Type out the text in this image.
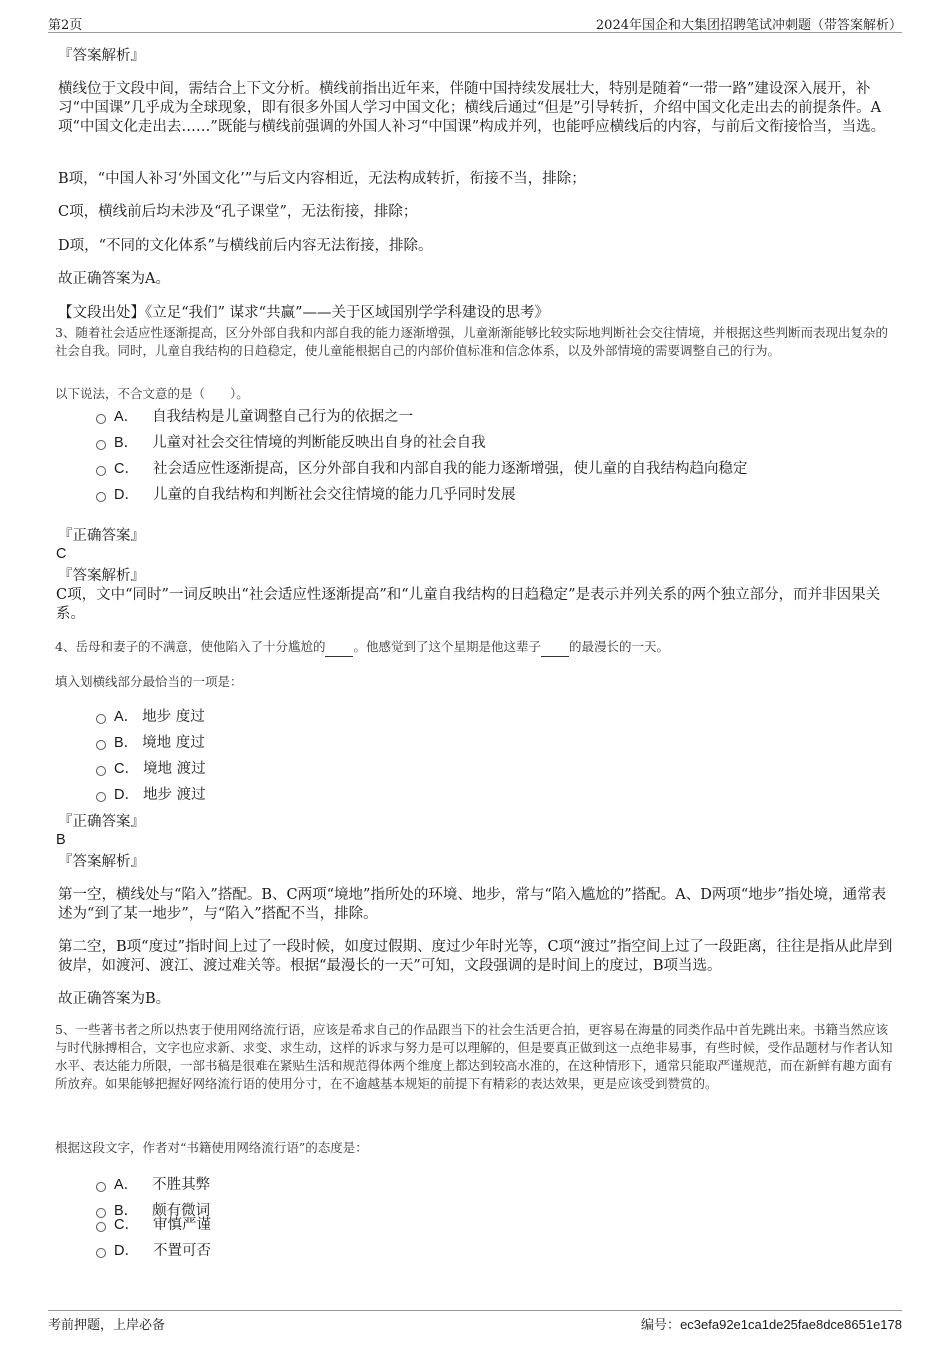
第2页	2024年国企和大集团招聘笔试冲刺题（带答案解析）
『答案解析』

横线位于文段中间，需结合上下文分析。横线前指出近年来，伴随中国持续发展壮大，特别是随着“一带一路”建设深入展开，补习“中国课”几乎成为全球现象，即有很多外国人学习中国文化；横线后通过“但是”引导转折，介绍中国文化走出去的前提条件。A项“中国文化走出去……”既能与横线前强调的外国人补习“中国课”构成并列，也能呼应横线后的内容，与前后文衔接恰当，当选。

B项，“中国人补习‘外国文化’”与后文内容相近，无法构成转折，衔接不当，排除；

C项，横线前后均未涉及“孔子课堂”，无法衔接，排除；

D项，“不同的文化体系”与横线前后内容无法衔接，排除。

故正确答案为A。

【文段出处】《立足“我们” 谋求“共赢”——关于区域国别学学科建设的思考》

3、随着社会适应性逐渐提高，区分外部自我和内部自我的能力逐渐增强，儿童渐渐能够比较实际地判断社会交往情境，并根据这些判断而表现出复杂的社会自我。同时，儿童自我结构的日趋稳定，使儿童能根据自己的内部价值标准和信念体系，以及外部情境的需要调整自己的行为。

以下说法，不合文意的是（　　）。

A． 自我结构是儿童调整自己行为的依据之一
B． 儿童对社会交往情境的判断能反映出自身的社会自我
C． 社会适应性逐渐提高，区分外部自我和内部自我的能力逐渐增强，使儿童的自我结构趋向稳定
D． 儿童的自我结构和判断社会交往情境的能力几乎同时发展
『正确答案』
C
『答案解析』

C项，文中“同时”一词反映出“社会适应性逐渐提高”和“儿童自我结构的日趋稳定”是表示并列关系的两个独立部分，而并非因果关系。

4、岳母和妻子的不满意，使他陷入了十分尴尬的 。他感觉到了这个星期是他这辈子 的最漫长的一天。

填入划横线部分最恰当的一项是：

A． 地步 度过
B． 境地 度过
C． 境地 渡过
D． 地步 渡过
『正确答案』
B
『答案解析』

第一空，横线处与“陷入”搭配。B、C两项“境地”指所处的环境、地步，常与“陷入尴尬的”搭配。A、D两项“地步”指处境，通常表述为“到了某一地步”，与“陷入”搭配不当，排除。

第二空，B项“度过”指时间上过了一段时候，如度过假期、度过少年时光等，C项“渡过”指空间上过了一段距离，往往是指从此岸到彼岸，如渡河、渡江、渡过难关等。根据“最漫长的一天”可知，文段强调的是时间上的度过，B项当选。

故正确答案为B。

5、一些著书者之所以热衷于使用网络流行语，应该是希求自己的作品跟当下的社会生活更合拍，更容易在海量的同类作品中首先跳出来。书籍当然应该与时代脉搏相合，文字也应求新、求变、求生动，这样的诉求与努力是可以理解的，但是要真正做到这一点绝非易事，有些时候，受作品题材与作者认知水平、表达能力所限，一部书稿是很难在紧贴生活和规范得体两个维度上都达到较高水准的，在这种情形下，通常只能取严谨规范，而在新鲜有趣方面有所放弃。如果能够把握好网络流行语的使用分寸，在不逾越基本规矩的前提下有精彩的表达效果，更是应该受到赞赏的。

根据这段文字，作者对“书籍使用网络流行语”的态度是：

A． 不胜其弊
B． 颇有微词
C． 审慎严谨
D． 不置可否
考前押题，上岸必备	编号：ec3efa92e1ca1de25fae8dce8651e178
